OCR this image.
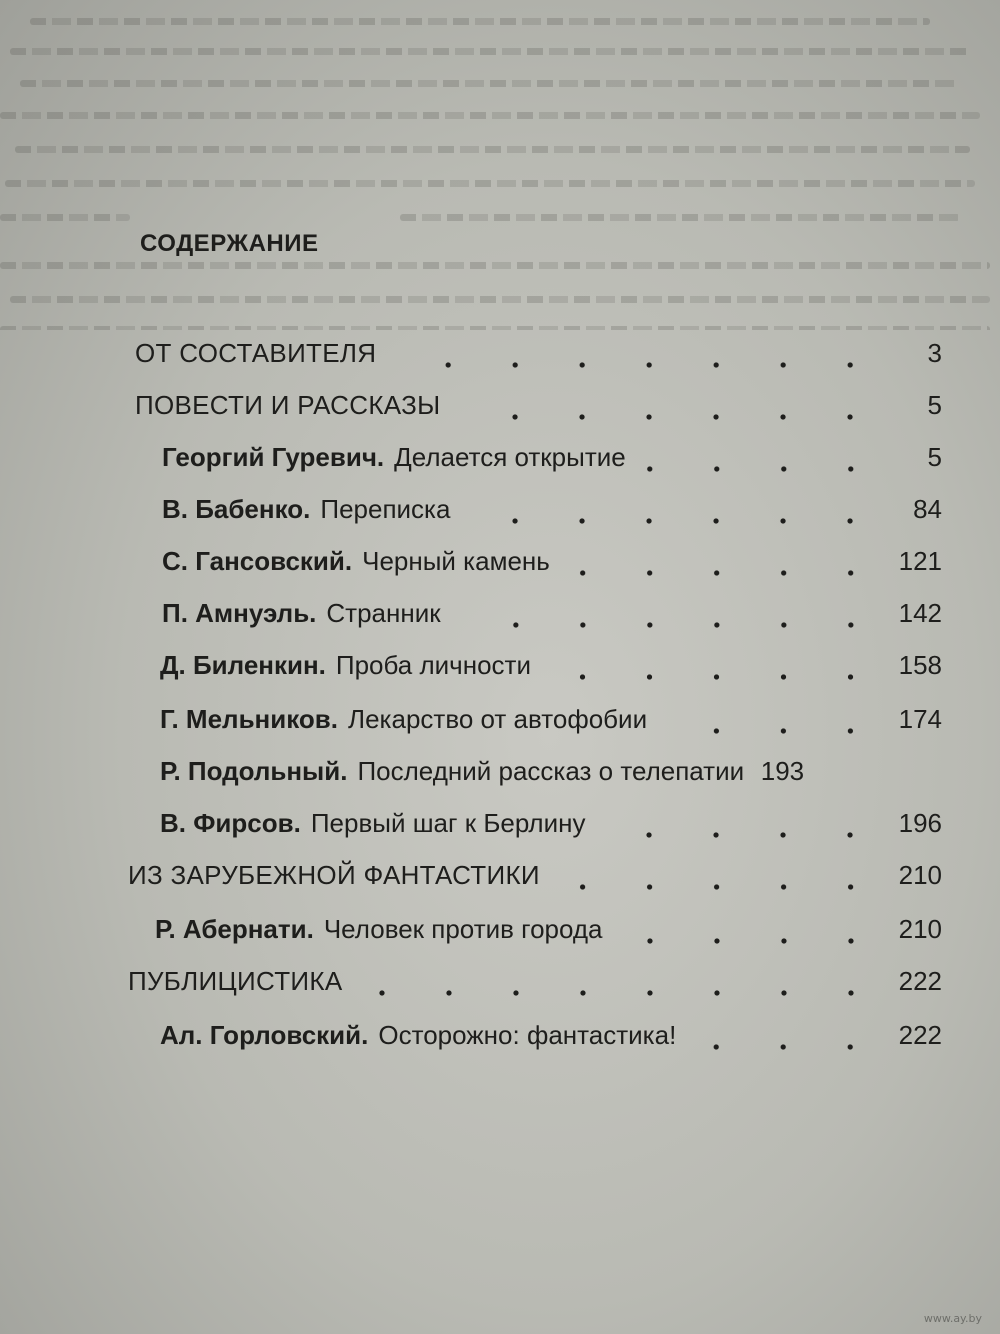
СОДЕРЖАНИЕ
ОТ СОСТАВИТЕЛЯ	3
ПОВЕСТИ И РАССКАЗЫ	5
Георгий Гуревич. Делается открытие	5
В. Бабенко. Переписка	84
С. Гансовский. Черный камень	121
П. Амнуэль. Странник	142
Д. Биленкин. Проба личности	158
Г. Мельников. Лекарство от автофобии	174
Р. Подольный. Последний рассказ о телепатии 193
В. Фирсов. Первый шаг к Берлину	196
ИЗ ЗАРУБЕЖНОЙ ФАНТАСТИКИ	210
Р. Абернати. Человек против города	210
ПУБЛИЦИСТИКА	222
Ал. Горловский. Осторожно: фантастика!	222
www.ay.by
